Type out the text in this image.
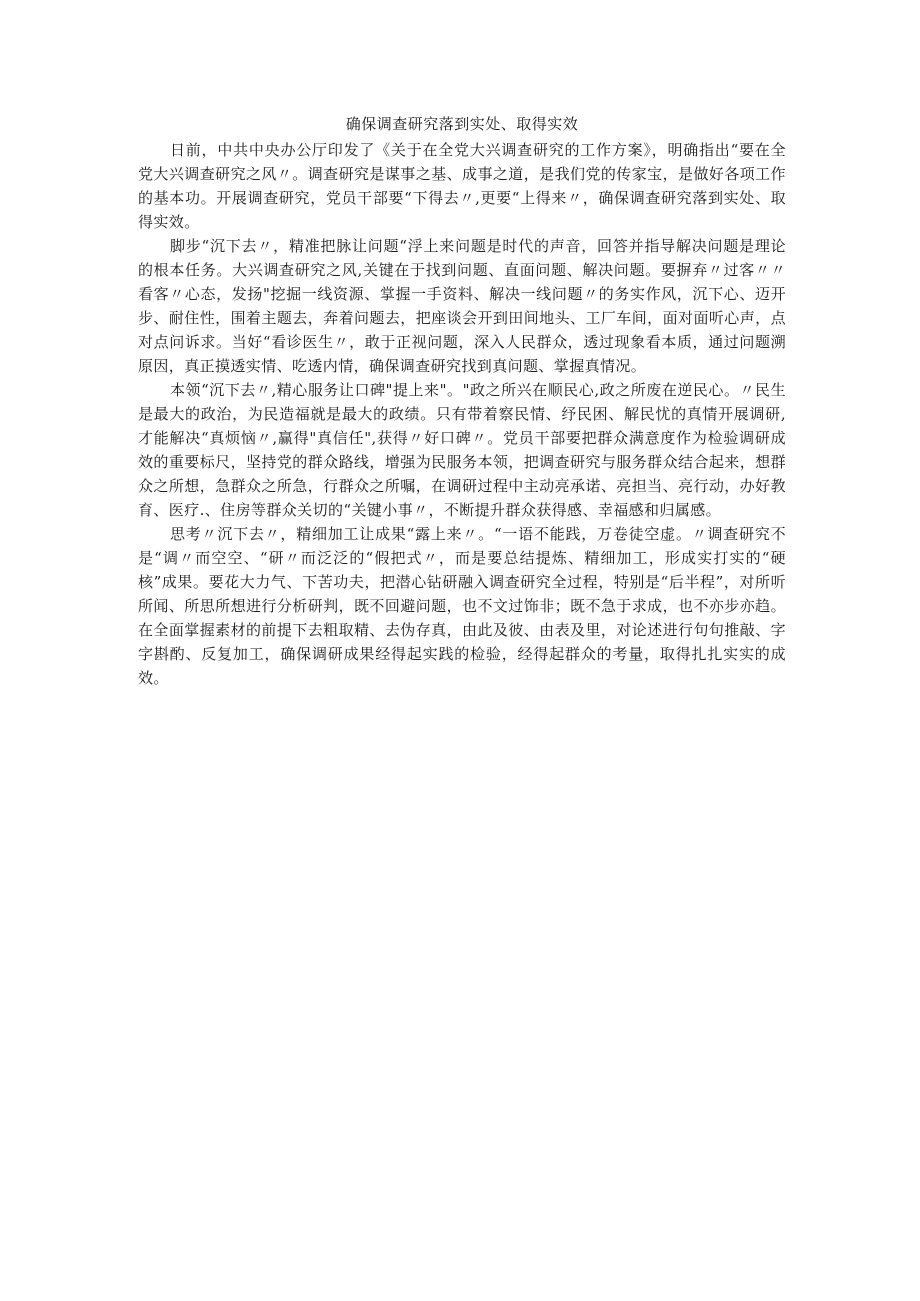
确保调查研究落到实处、取得实效

日前，中共中央办公厅印发了《关于在全党大兴调查研究的工作方案》，明确指出“要在全党大兴调查研究之风〃。调查研究是谋事之基、成事之道，是我们党的传家宝，是做好各项工作的基本功。开展调查研究，党员干部要“下得去〃,更要“上得来〃，确保调查研究落到实处、取得实效。

脚步“沉下去〃，精准把脉让问题“浮上来问题是时代的声音，回答并指导解决问题是理论的根本任务。大兴调查研究之风,关键在于找到问题、直面问题、解决问题。要摒弃〃过客〃〃看客〃心态，发扬"挖掘一线资源、掌握一手资料、解决一线问题〃的务实作风，沉下心、迈开步、耐住性，围着主题去，奔着问题去，把座谈会开到田间地头、工厂车间，面对面听心声，点对点问诉求。当好“看诊医生〃，敢于正视问题，深入人民群众，透过现象看本质，通过问题溯原因，真正摸透实情、吃透内情，确保调查研究找到真问题、掌握真情况。

本领“沉下去〃,精心服务让口碑"提上来"。"政之所兴在顺民心,政之所废在逆民心。〃民生是最大的政治，为民造福就是最大的政绩。只有带着察民情、纾民困、解民忧的真情开展调研,才能解决“真烦恼〃,赢得"真信任",获得〃好口碑〃。党员干部要把群众满意度作为检验调研成效的重要标尺，坚持党的群众路线，增强为民服务本领，把调查研究与服务群众结合起来，想群众之所想，急群众之所急，行群众之所嘱，在调研过程中主动亮承诺、亮担当、亮行动，办好教育、医疗.、住房等群众关切的“关键小事〃，不断提升群众获得感、幸福感和归属感。

思考〃沉下去〃，精细加工让成果“露上来〃。“一语不能践，万卷徒空虚。〃调查研究不是“调〃而空空、“研〃而泛泛的“假把式〃，而是要总结提炼、精细加工，形成实打实的“硬核”成果。要花大力气、下苦功夫，把潜心钻研融入调查研究全过程，特别是“后半程”，对所听所闻、所思所想进行分析研判，既不回避问题，也不文过饰非；既不急于求成，也不亦步亦趋。在全面掌握素材的前提下去粗取精、去伪存真，由此及彼、由表及里，对论述进行句句推敲、字字斟酌、反复加工，确保调研成果经得起实践的检验，经得起群众的考量，取得扎扎实实的成效。
